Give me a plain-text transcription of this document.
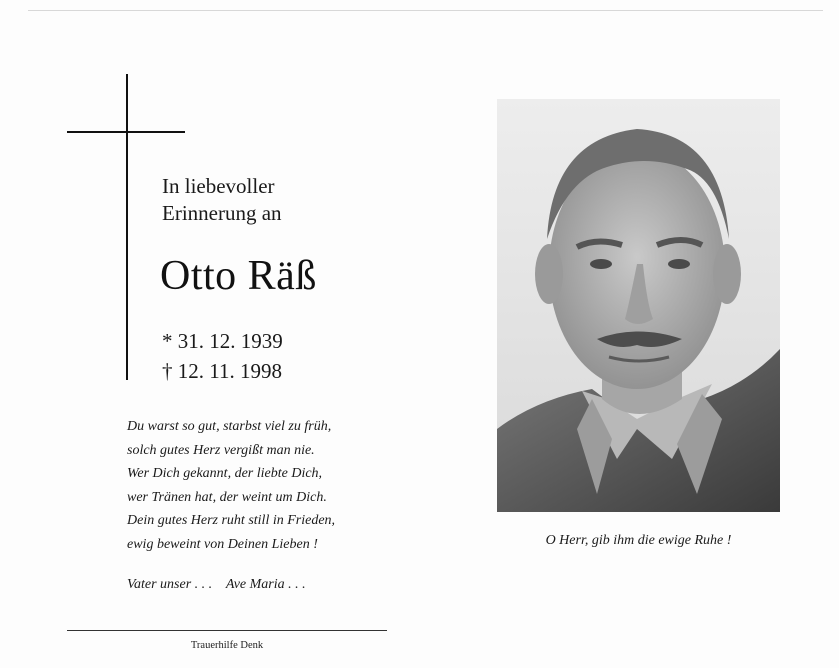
In liebevoller
Erinnerung an
Otto Räß
* 31. 12. 1939
† 12. 11. 1998
Du warst so gut, starbst viel zu früh,
solch gutes Herz vergißt man nie.
Wer Dich gekannt, der liebte Dich,
wer Tränen hat, der weint um Dich.
Dein gutes Herz ruht still in Frieden,
ewig beweint von Deinen Lieben !
Vater unser . . .    Ave Maria . . .
Trauerhilfe Denk
O Herr, gib ihm die ewige Ruhe !
